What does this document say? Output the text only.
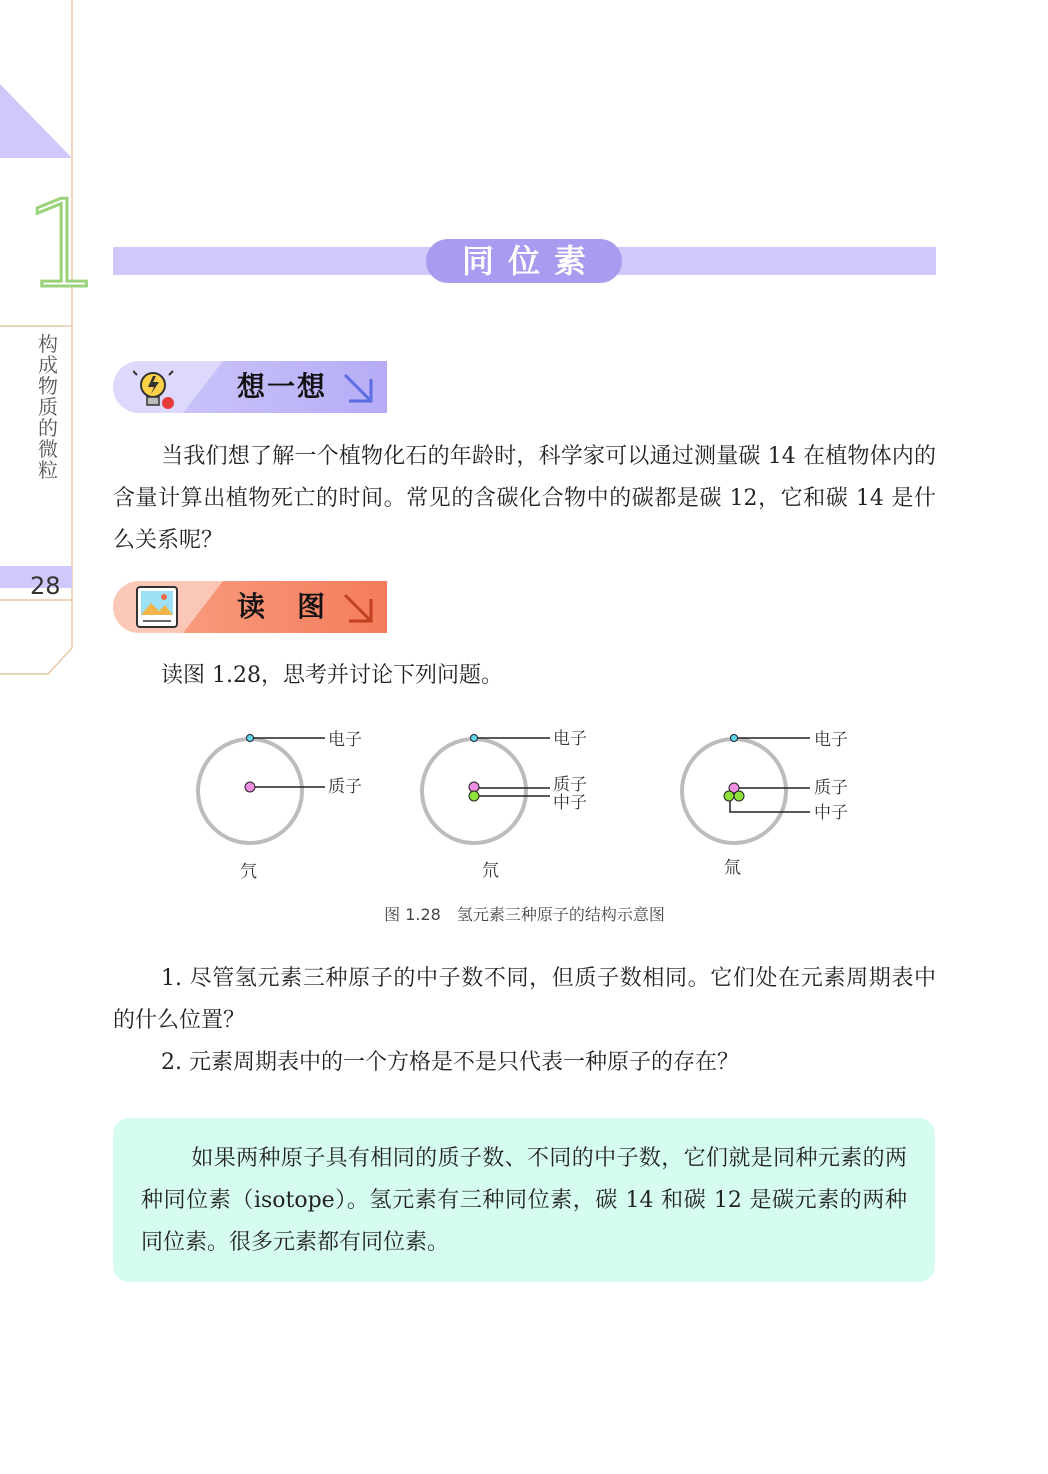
1
构成物质的微粒
28
同位素
想一想

当我们想了解一个植物化石的年龄时，科学家可以通过测量碳 14 在植物体内的含量计算出植物死亡的时间。常见的含碳化合物中的碳都是碳 12，它和碳 14 是什么关系呢？

读　图

读图 1.28，思考并讨论下列问题。

电子
质子
氕
电子
质子
中子
氘
电子
质子
中子
氚
图 1.28　氢元素三种原子的结构示意图

1. 尽管氢元素三种原子的中子数不同，但质子数相同。它们处在元素周期表中的什么位置？

2. 元素周期表中的一个方格是不是只代表一种原子的存在？

如果两种原子具有相同的质子数、不同的中子数，它们就是同种元素的两种同位素（isotope）。氢元素有三种同位素，碳 14 和碳 12 是碳元素的两种同位素。很多元素都有同位素。
